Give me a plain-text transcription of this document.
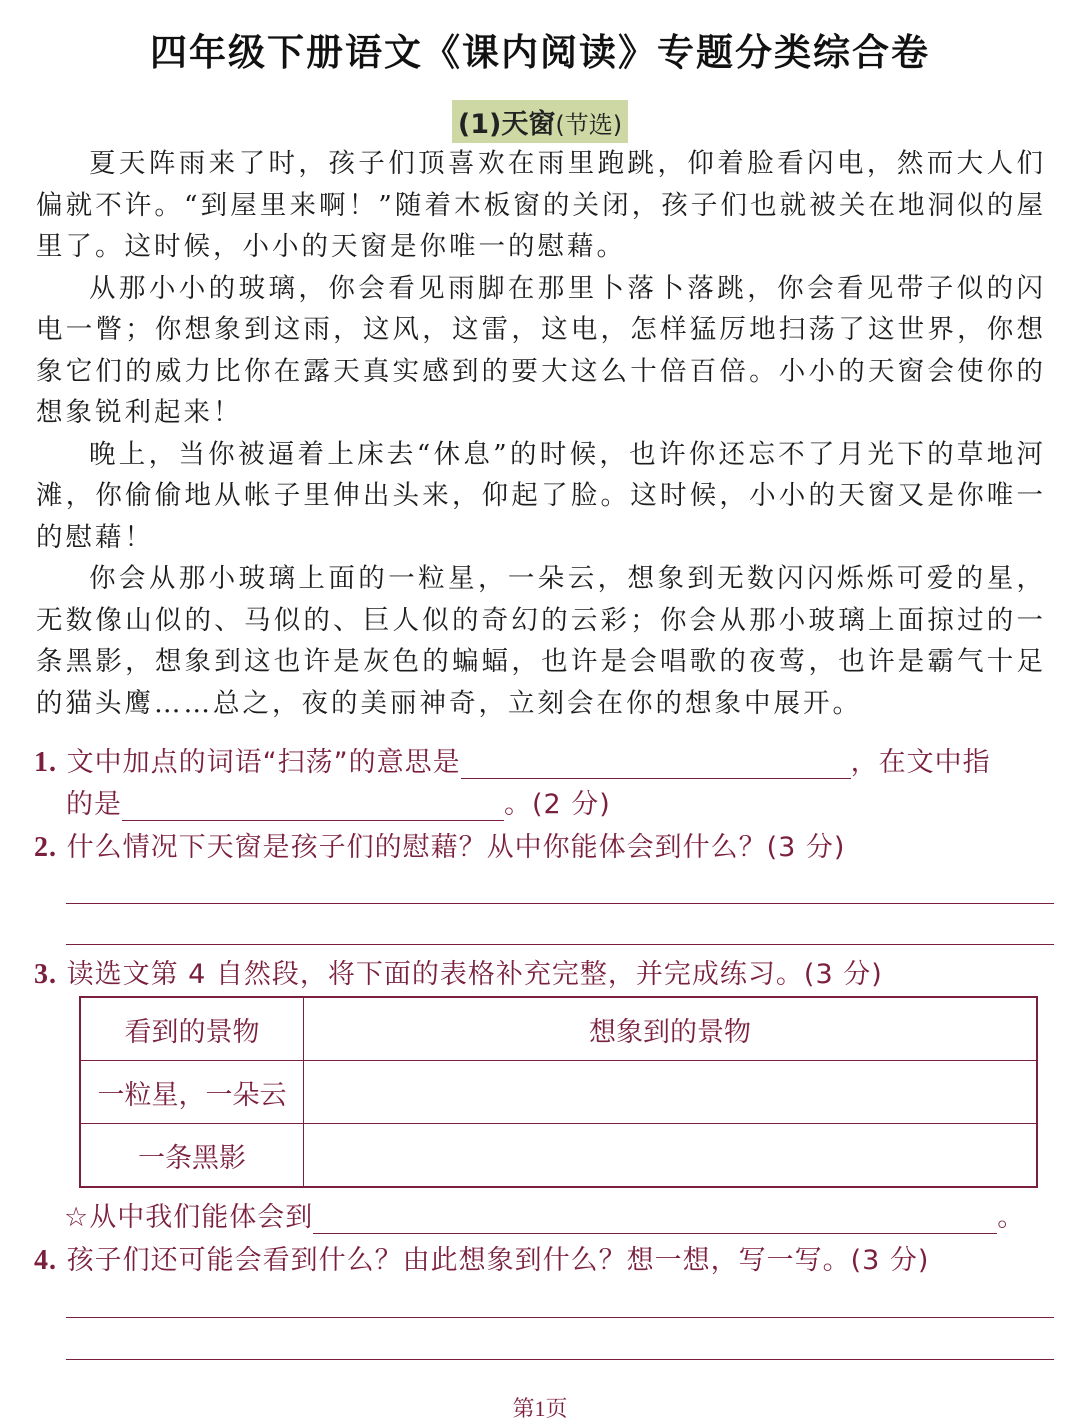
四年级下册语文《课内阅读》专题分类综合卷
(1)天窗(节选)

夏天阵雨来了时，孩子们顶喜欢在雨里跑跳，仰着脸看闪电，然而大人们偏就不许。“到屋里来啊！”随着木板窗的关闭，孩子们也就被关在地洞似的屋里了。这时候，小小的天窗是你唯一的慰藉。

从那小小的玻璃，你会看见雨脚在那里卜落卜落跳，你会看见带子似的闪电一瞥；你想象到这雨，这风，这雷，这电，怎样猛厉地扫荡了这世界，你想象它们的威力比你在露天真实感到的要大这么十倍百倍。小小的天窗会使你的想象锐利起来！

晚上，当你被逼着上床去“休息”的时候，也许你还忘不了月光下的草地河滩，你偷偷地从帐子里伸出头来，仰起了脸。这时候，小小的天窗又是你唯一的慰藉！

你会从那小玻璃上面的一粒星，一朵云，想象到无数闪闪烁烁可爱的星，无数像山似的、马似的、巨人似的奇幻的云彩；你会从那小玻璃上面掠过的一条黑影，想象到这也许是灰色的蝙蝠，也许是会唱歌的夜莺，也许是霸气十足的猫头鹰……总之，夜的美丽神奇，立刻会在你的想象中展开。

1. 文中加点的词语“扫荡”的意思是	，在文中指
的是	。(2 分)
2. 什么情况下天窗是孩子们的慰藉？从中你能体会到什么？(3 分)
3. 读选文第 4 自然段，将下面的表格补充完整，并完成练习。(3 分)
看到的景物	想象到的景物
一粒星，一朵云	
一条黑影	
☆从中我们能体会到	。
4. 孩子们还可能会看到什么？由此想象到什么？想一想，写一写。(3 分)
第1页
